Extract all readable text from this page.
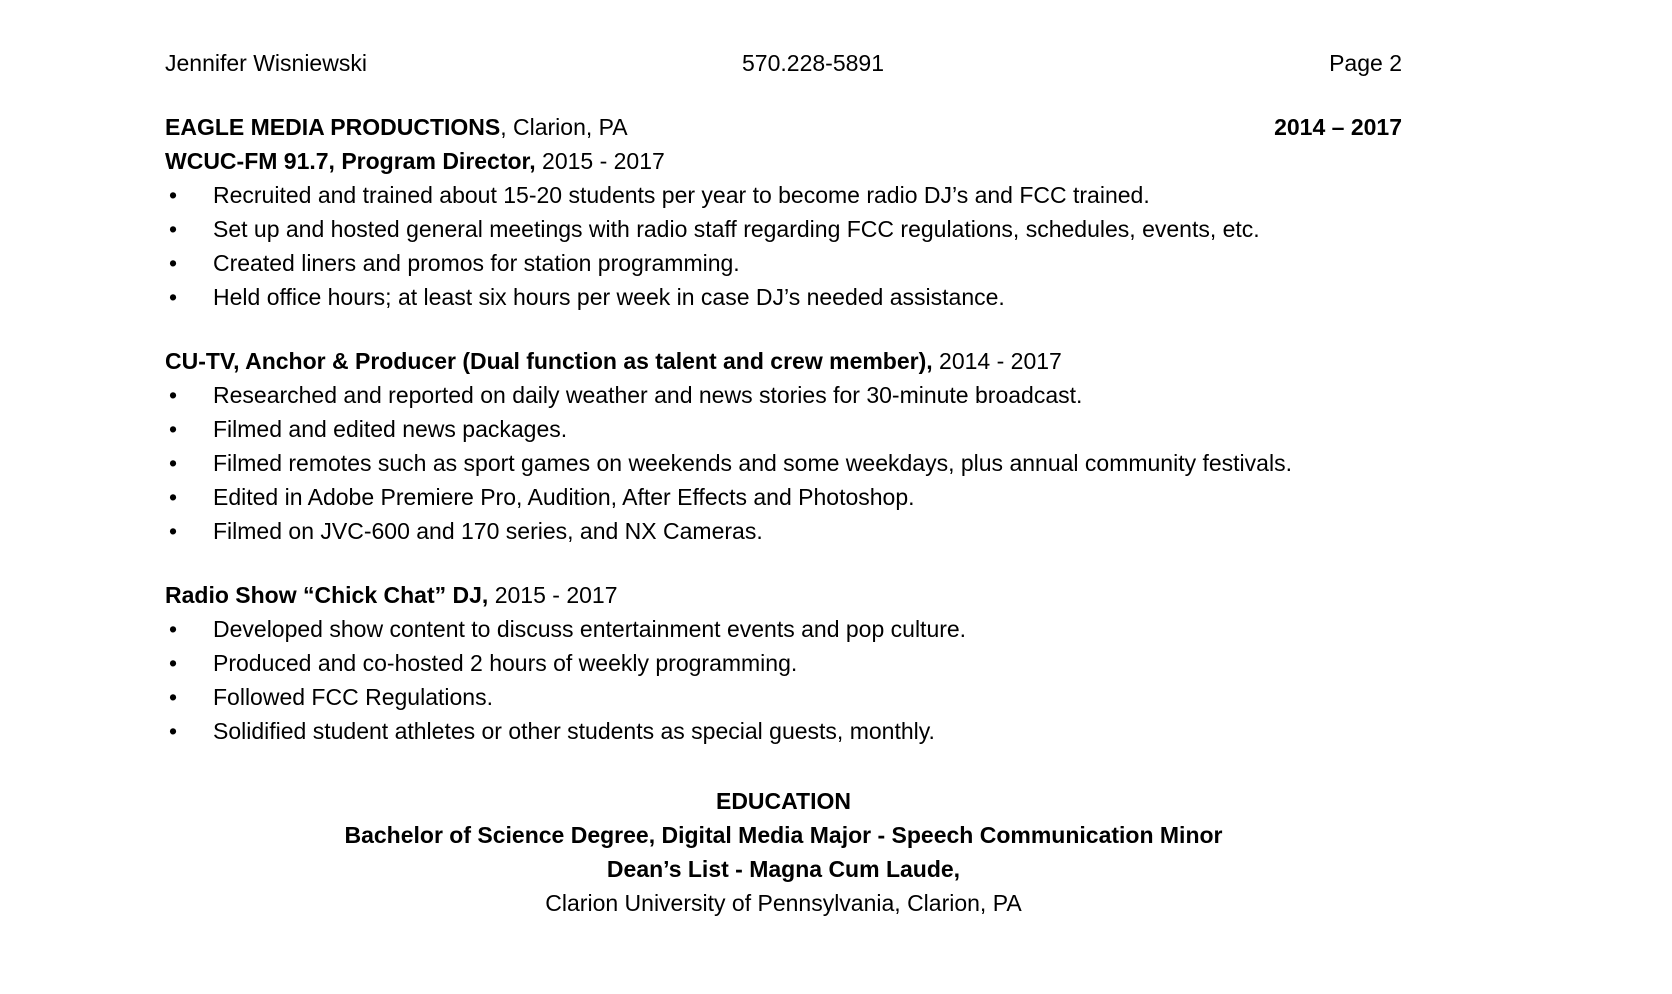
Jennifer Wisniewski	570.228-5891	Page 2
EAGLE MEDIA PRODUCTIONS, Clarion, PA	2014 – 2017
WCUC-FM 91.7, Program Director, 2015 - 2017
• Recruited and trained about 15-20 students per year to become radio DJ’s and FCC trained.
• Set up and hosted general meetings with radio staff regarding FCC regulations, schedules, events, etc.
• Created liners and promos for station programming.
• Held office hours; at least six hours per week in case DJ’s needed assistance.
CU-TV, Anchor & Producer (Dual function as talent and crew member), 2014 - 2017
• Researched and reported on daily weather and news stories for 30-minute broadcast.
• Filmed and edited news packages.
• Filmed remotes such as sport games on weekends and some weekdays, plus annual community festivals.
• Edited in Adobe Premiere Pro, Audition, After Effects and Photoshop.
• Filmed on JVC-600 and 170 series, and NX Cameras.
Radio Show “Chick Chat” DJ, 2015 - 2017
• Developed show content to discuss entertainment events and pop culture.
• Produced and co-hosted 2 hours of weekly programming.
• Followed FCC Regulations.
• Solidified student athletes or other students as special guests, monthly.
EDUCATION
Bachelor of Science Degree, Digital Media Major - Speech Communication Minor
Dean’s List - Magna Cum Laude,
Clarion University of Pennsylvania, Clarion, PA
